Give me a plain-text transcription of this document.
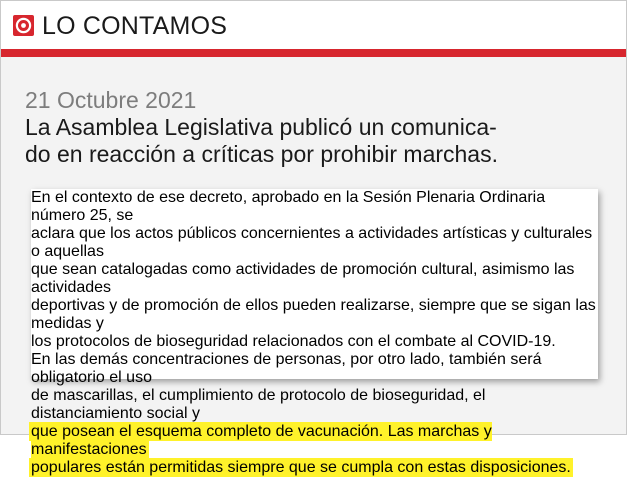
LO CONTAMOS
21 Octubre 2021
La Asamblea Legislativa publicó un comunica-
do en reacción a críticas por prohibir marchas.

En el contexto de ese decreto, aprobado en la Sesión Plenaria Ordinaria número 25, se
aclara que los actos públicos concernientes a actividades artísticas y culturales o aquellas
que sean catalogadas como actividades de promoción cultural, asimismo las actividades
deportivas y de promoción de ellos pueden realizarse, siempre que se sigan las medidas y
los protocolos de bioseguridad relacionados con el combate al COVID-19.

En las demás concentraciones de personas, por otro lado, también será obligatorio el uso
de mascarillas, el cumplimiento de protocolo de bioseguridad, el distanciamiento social y
que posean el esquema completo de vacunación. Las marchas y manifestaciones
populares están permitidas siempre que se cumpla con estas disposiciones.
